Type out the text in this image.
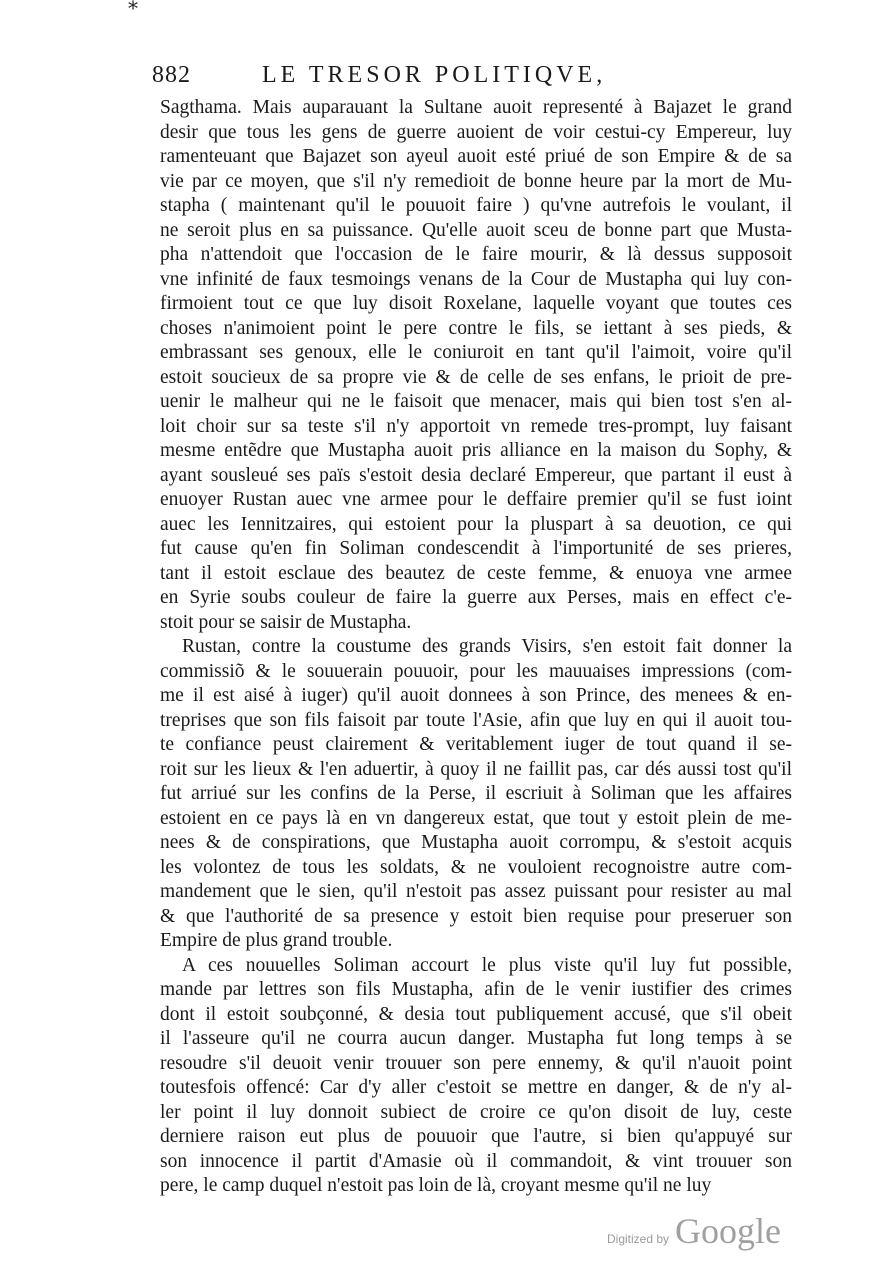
*
882	LE TRESOR POLITIQVE,
Sagthama. Mais auparauant la Sultane auoit representé à Bajazet le grand
desir que tous les gens de guerre auoient de voir cestui-cy Empereur, luy
ramenteuant que Bajazet son ayeul auoit esté priué de son Empire & de sa
vie par ce moyen, que s'il n'y remedioit de bonne heure par la mort de Mu-
stapha ( maintenant qu'il le pouuoit faire ) qu'vne autrefois le voulant, il
ne seroit plus en sa puissance. Qu'elle auoit sceu de bonne part que Musta-
pha n'attendoit que l'occasion de le faire mourir, & là dessus supposoit
vne infinité de faux tesmoings venans de la Cour de Mustapha qui luy con-
firmoient tout ce que luy disoit Roxelane, laquelle voyant que toutes ces
choses n'animoient point le pere contre le fils, se iettant à ses pieds, &
embrassant ses genoux, elle le coniuroit en tant qu'il l'aimoit, voire qu'il
estoit soucieux de sa propre vie & de celle de ses enfans, le prioit de pre-
uenir le malheur qui ne le faisoit que menacer, mais qui bien tost s'en al-
loit choir sur sa teste s'il n'y apportoit vn remede tres-prompt, luy faisant
mesme entẽdre que Mustapha auoit pris alliance en la maison du Sophy, &
ayant sousleué ses païs s'estoit desia declaré Empereur, que partant il eust à
enuoyer Rustan auec vne armee pour le deffaire premier qu'il se fust ioint
auec les Iennitzaires, qui estoient pour la pluspart à sa deuotion, ce qui
fut cause qu'en fin Soliman condescendit à l'importunité de ses prieres,
tant il estoit esclaue des beautez de ceste femme, & enuoya vne armee
en Syrie soubs couleur de faire la guerre aux Perses, mais en effect c'e-
stoit pour se saisir de Mustapha.
Rustan, contre la coustume des grands Visirs, s'en estoit fait donner la
commissiõ & le souuerain pouuoir, pour les mauuaises impressions (com-
me il est aisé à iuger) qu'il auoit donnees à son Prince, des menees & en-
treprises que son fils faisoit par toute l'Asie, afin que luy en qui il auoit tou-
te confiance peust clairement & veritablement iuger de tout quand il se-
roit sur les lieux & l'en aduertir, à quoy il ne faillit pas, car dés aussi tost qu'il
fut arriué sur les confins de la Perse, il escriuit à Soliman que les affaires
estoient en ce pays là en vn dangereux estat, que tout y estoit plein de me-
nees & de conspirations, que Mustapha auoit corrompu, & s'estoit acquis
les volontez de tous les soldats, & ne vouloient recognoistre autre com-
mandement que le sien, qu'il n'estoit pas assez puissant pour resister au mal
& que l'authorité de sa presence y estoit bien requise pour preseruer son
Empire de plus grand trouble.
A ces nouuelles Soliman accourt le plus viste qu'il luy fut possible,
mande par lettres son fils Mustapha, afin de le venir iustifier des crimes
dont il estoit soubçonné, & desia tout publiquement accusé, que s'il obeit
il l'asseure qu'il ne courra aucun danger. Mustapha fut long temps à se
resoudre s'il deuoit venir trouuer son pere ennemy, & qu'il n'auoit point
toutesfois offencé: Car d'y aller c'estoit se mettre en danger, & de n'y al-
ler point il luy donnoit subiect de croire ce qu'on disoit de luy, ceste
derniere raison eut plus de pouuoir que l'autre, si bien qu'appuyé sur
son innocence il partit d'Amasie où il commandoit, & vint trouuer son
pere, le camp duquel n'estoit pas loin de là, croyant mesme qu'il ne luy
Digitized by Google
